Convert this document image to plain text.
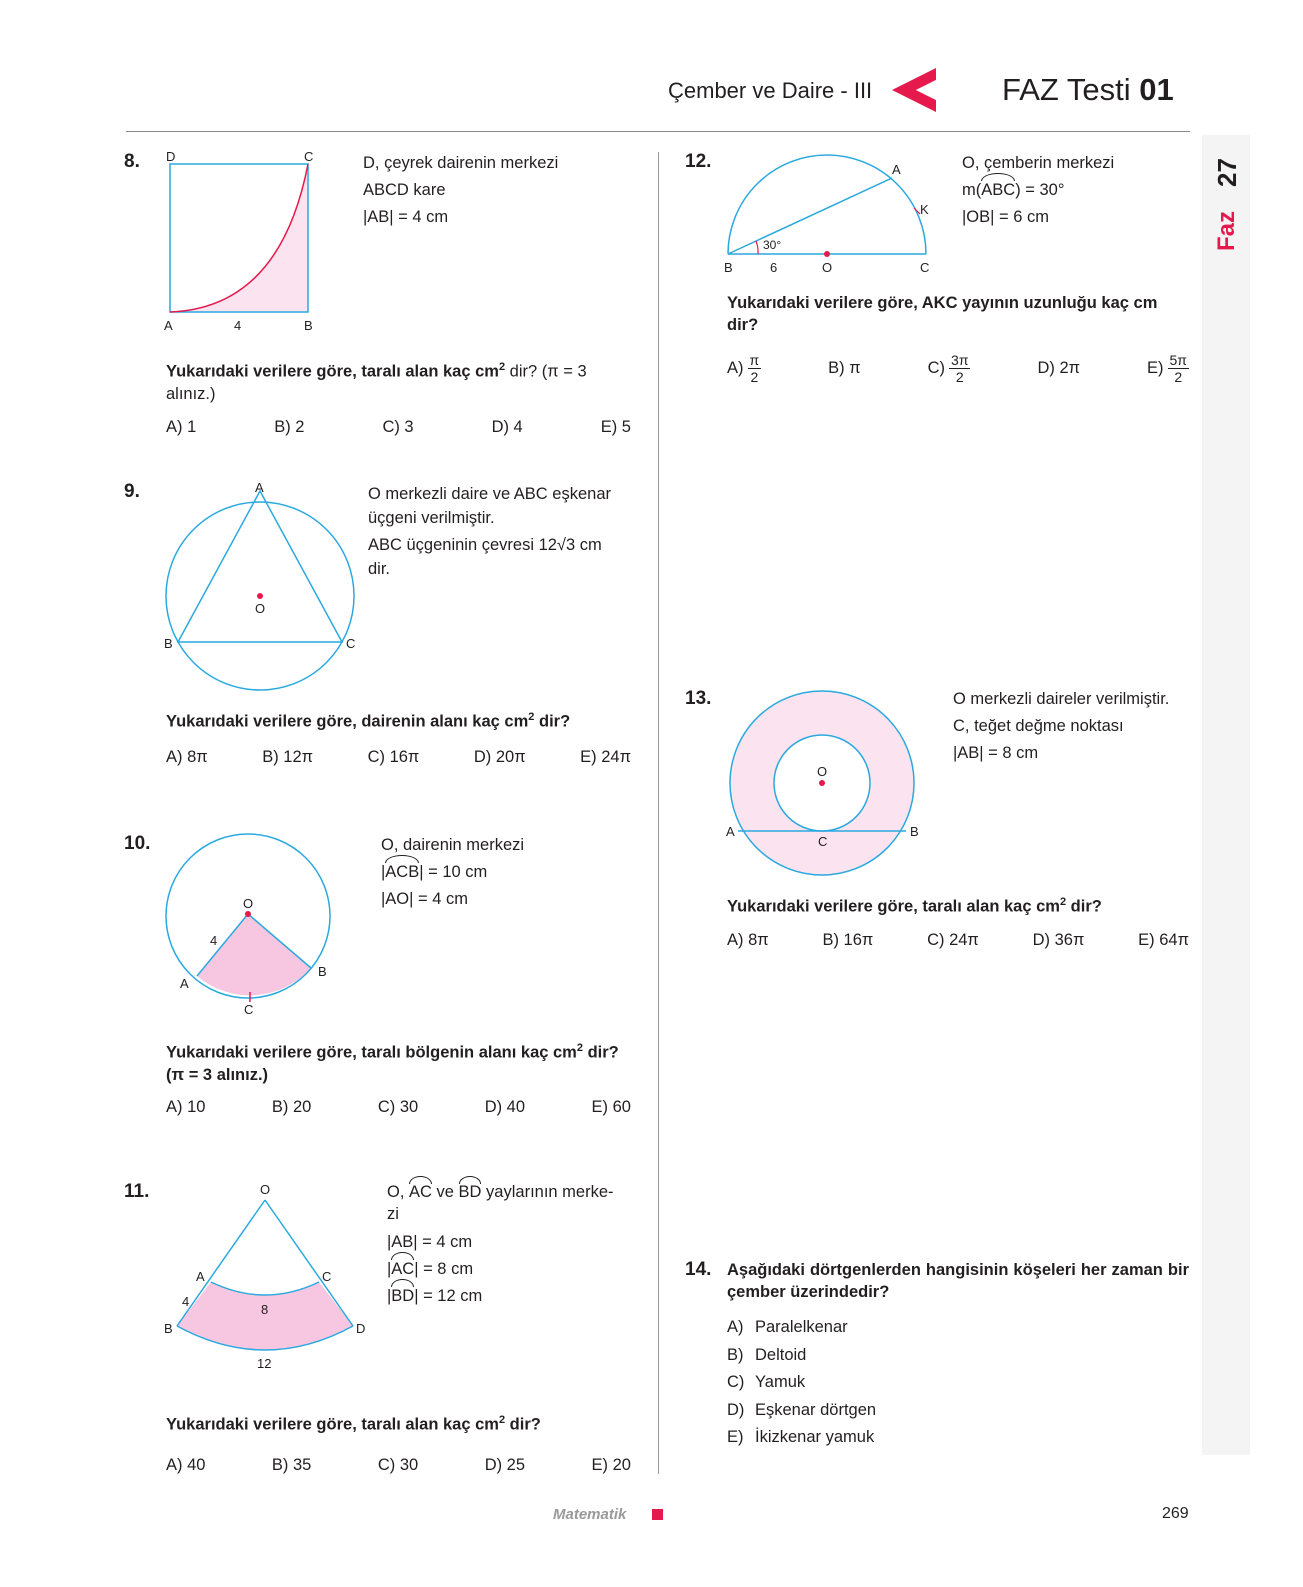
Çember ve Daire - III	FAZ Testi 01
27
Faz
8. D	C
A	4	B
D, çeyrek dairenin merkezi
ABCD kare
|AB| = 4 cm
Yukarıdaki verilere göre, taralı alan kaç $cm^2$ dir? (π = 3 alınız.)
A) 1	B) 2	C) 3	D) 4	E) 5
9.	A
O
B	C
O merkezli daire ve ABC eşkenar
üçgeni verilmiştir.
ABC üçgeninin çevresi 12√3 cm
dir.
Yukarıdaki verilere göre, dairenin alanı kaç $cm^2$ dir?
A) 8π	B) 12π	C) 16π	D) 20π	E) 24π
10.
O
4
A
B
C
O, dairenin merkezi
|ACB| = 10 cm
|AO| = 4 cm
Yukarıdaki verilere göre, taralı bölgenin alanı kaç $cm^2$ dir? (π = 3 alınız.)
A) 10	B) 20	C) 30	D) 40	E) 60
11.	O
A	C
4
8
B	D
12
O, AC ve BD yaylarının merke-
zi
|AB| = 4 cm
|AC| = 8 cm
|BD| = 12 cm
Yukarıdaki verilere göre, taralı alan kaç $cm^2$ dir?
A) 40	B) 35	C) 30	D) 25	E) 20
12.
30°
A
K
B	6	O	C
O, çemberin merkezi
m(ABC) = 30°
|OB| = 6 cm
Yukarıdaki verilere göre, AKC yayının uzunluğu kaç cm dir?
$A) \frac{\pi}{2}$	B) π	$C) \frac{3\pi}{2}$	D) 2π	$E) \frac{5\pi}{2}$
13.
O
A	B
C
O merkezli daireler verilmiştir.
C, teğet değme noktası
|AB| = 8 cm
Yukarıdaki verilere göre, taralı alan kaç $cm^2$ dir?
A) 8π	B) 16π	C) 24π	D) 36π	E) 64π
14. Aşağıdaki dörtgenlerden hangisinin köşeleri her zaman bir çember üzerindedir?
A) Paralelkenar
B) Deltoid
C) Yamuk
D) Eşkenar dörtgen
E) İkizkenar yamuk
Matematik	269
